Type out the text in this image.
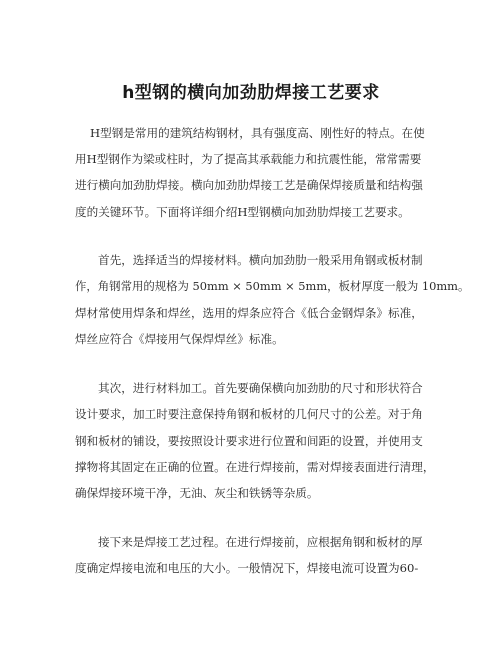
h型钢的横向加劲肋焊接工艺要求
H型钢是常用的建筑结构钢材，具有强度高、刚性好的特点。在使
用H型钢作为梁或柱时，为了提高其承载能力和抗震性能，常常需要
进行横向加劲肋焊接。横向加劲肋焊接工艺是确保焊接质量和结构强
度的关键环节。下面将详细介绍H型钢横向加劲肋焊接工艺要求。
首先，选择适当的焊接材料。横向加劲肋一般采用角钢或板材制
作，角钢常用的规格为 50mm × 50mm × 5mm，板材厚度一般为 10mm。
焊材常使用焊条和焊丝，选用的焊条应符合《低合金钢焊条》标准，
焊丝应符合《焊接用气保焊焊丝》标准。
其次，进行材料加工。首先要确保横向加劲肋的尺寸和形状符合
设计要求，加工时要注意保持角钢和板材的几何尺寸的公差。对于角
钢和板材的铺设，要按照设计要求进行位置和间距的设置，并使用支
撑物将其固定在正确的位置。在进行焊接前，需对焊接表面进行清理，
确保焊接环境干净，无油、灰尘和铁锈等杂质。
接下来是焊接工艺过程。在进行焊接前，应根据角钢和板材的厚
度确定焊接电流和电压的大小。一般情况下，焊接电流可设置为60-
